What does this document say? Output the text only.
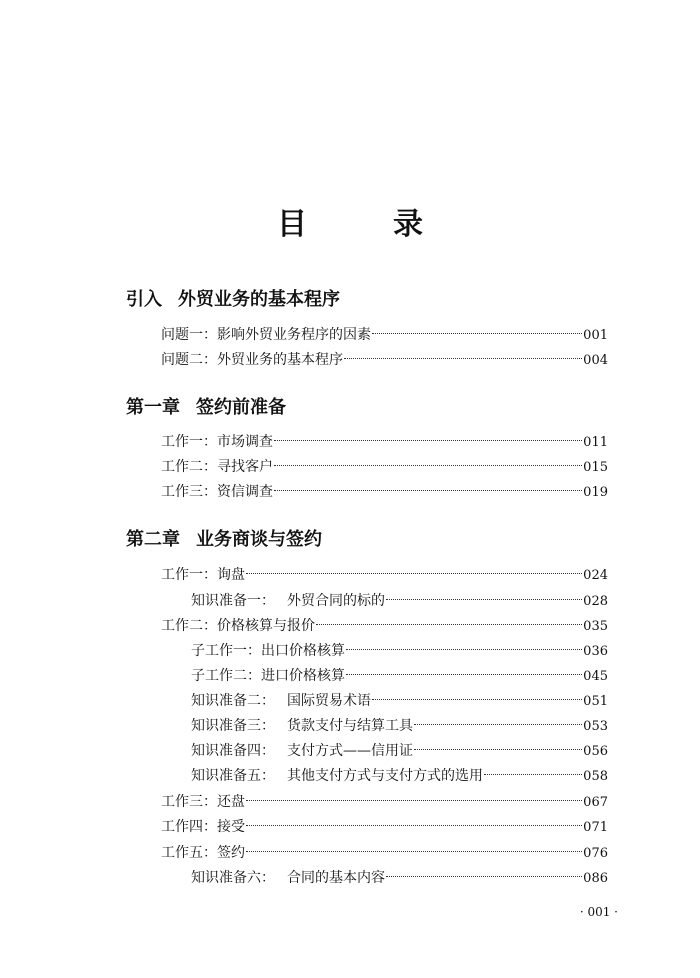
目　录
引入 外贸业务的基本程序
问题一：影响外贸业务程序的因素	001
问题二：外贸业务的基本程序	004
第一章 签约前准备
工作一：市场调查	011
工作二：寻找客户	015
工作三：资信调查	019
第二章 业务商谈与签约
工作一：询盘	024
知识准备一： 外贸合同的标的	028
工作二：价格核算与报价	035
子工作一：出口价格核算	036
子工作二：进口价格核算	045
知识准备二： 国际贸易术语	051
知识准备三： 货款支付与结算工具	053
知识准备四： 支付方式——信用证	056
知识准备五： 其他支付方式与支付方式的选用	058
工作三：还盘	067
工作四：接受	071
工作五：签约	076
知识准备六： 合同的基本内容	086
· 001 ·
